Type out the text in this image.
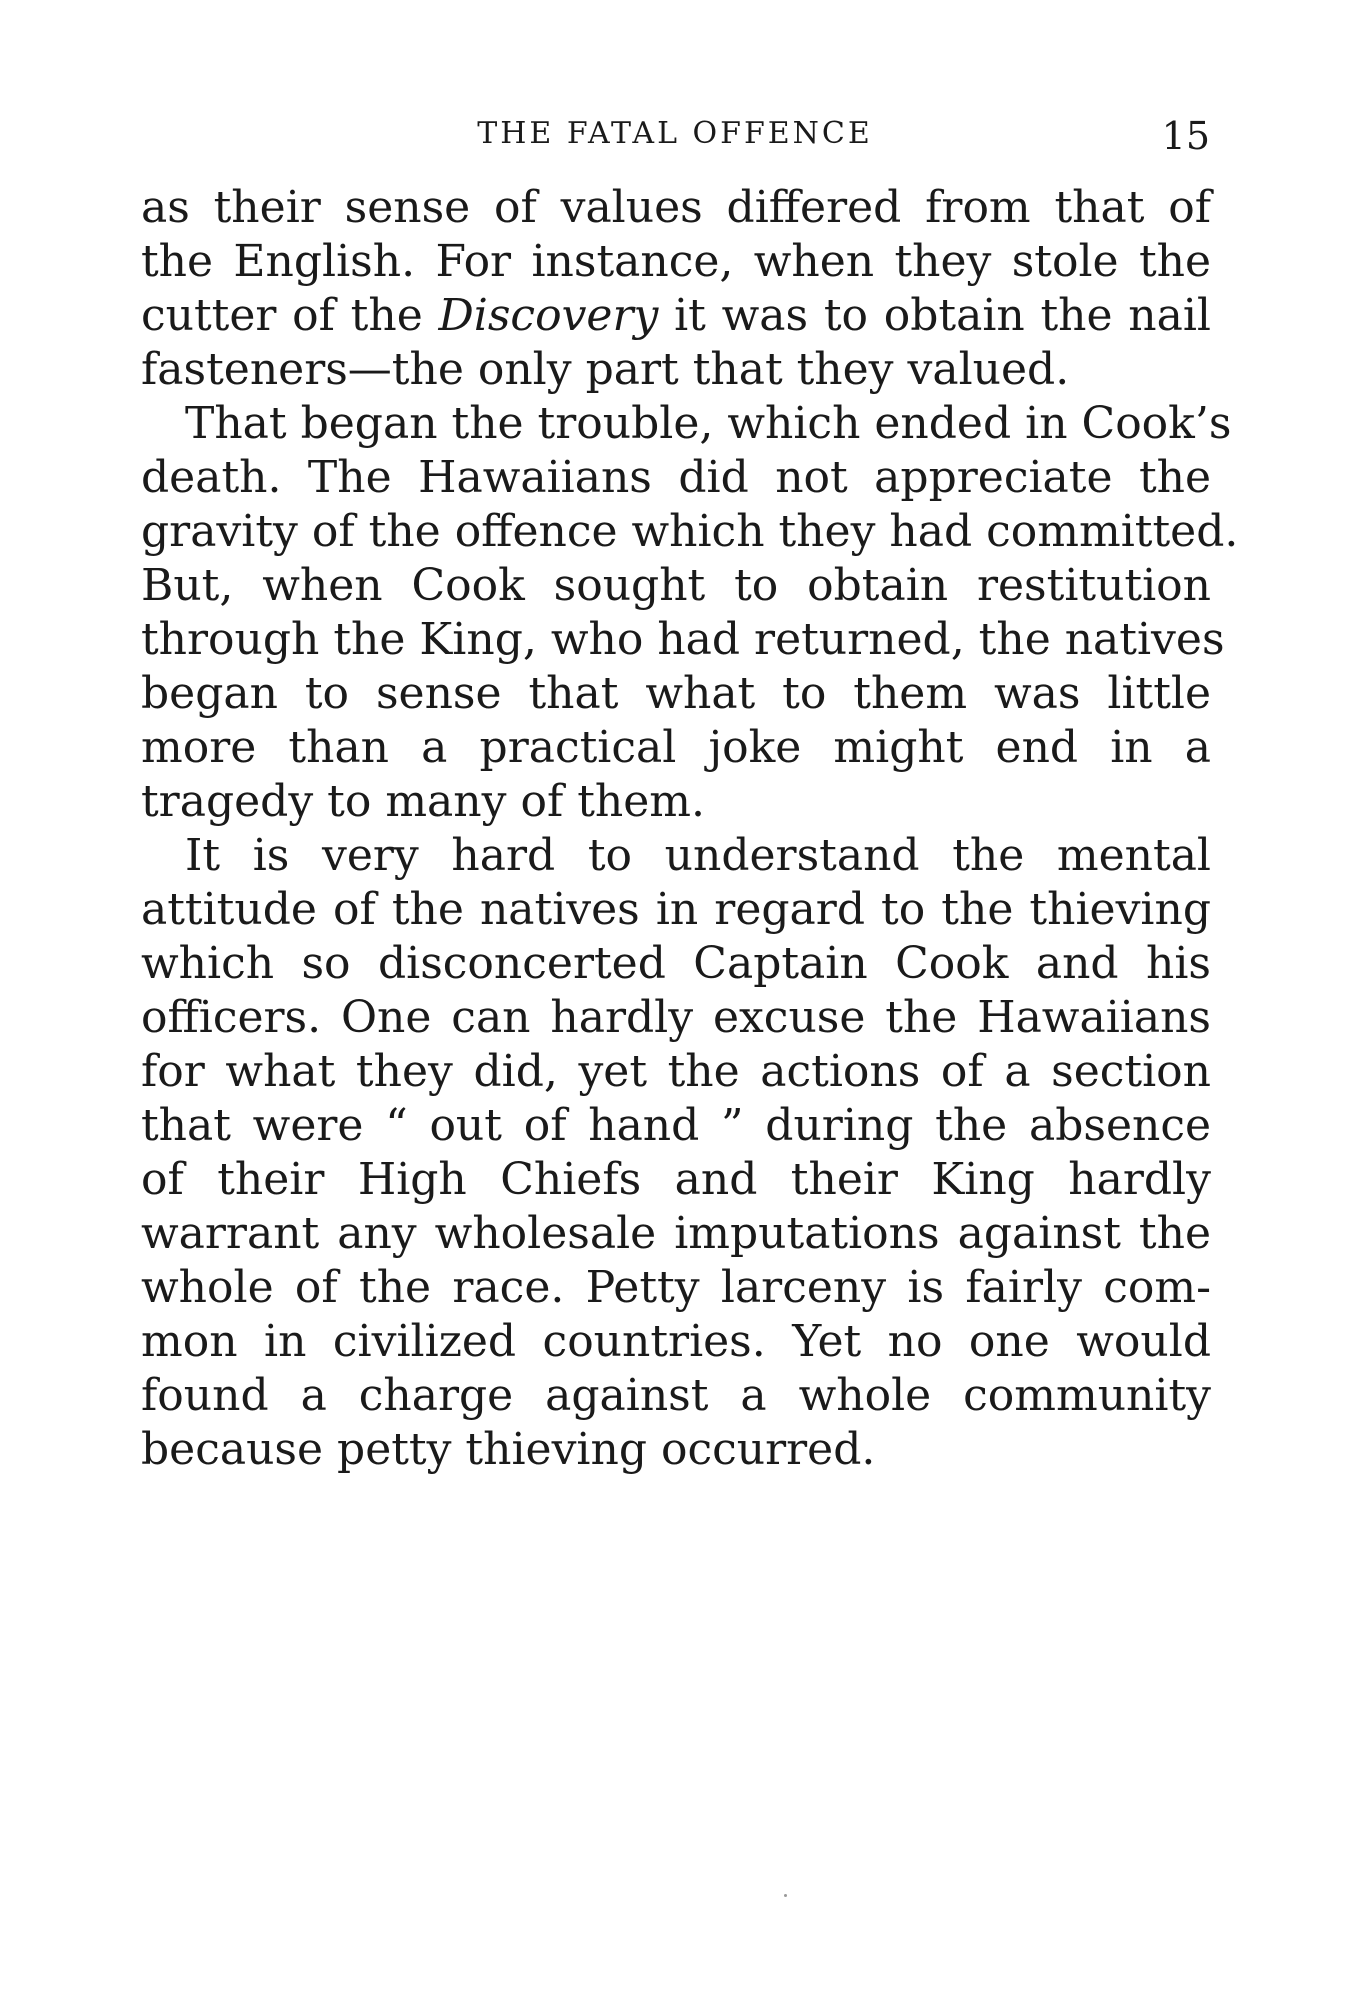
THE FATAL OFFENCE	15
as their sense of values differed from that of
the English. For instance, when they stole the
cutter of the Discovery it was to obtain the nail
fasteners—the only part that they valued.
That began the trouble, which ended in Cook’s
death. The Hawaiians did not appreciate the
gravity of the offence which they had committed.
But, when Cook sought to obtain restitution
through the King, who had returned, the natives
began to sense that what to them was little
more than a practical joke might end in a
tragedy to many of them.
It is very hard to understand the mental
attitude of the natives in regard to the thieving
which so disconcerted Captain Cook and his
officers. One can hardly excuse the Hawaiians
for what they did, yet the actions of a section
that were “ out of hand ” during the absence
of their High Chiefs and their King hardly
warrant any wholesale imputations against the
whole of the race. Petty larceny is fairly com-
mon in civilized countries. Yet no one would
found a charge against a whole community
because petty thieving occurred.
